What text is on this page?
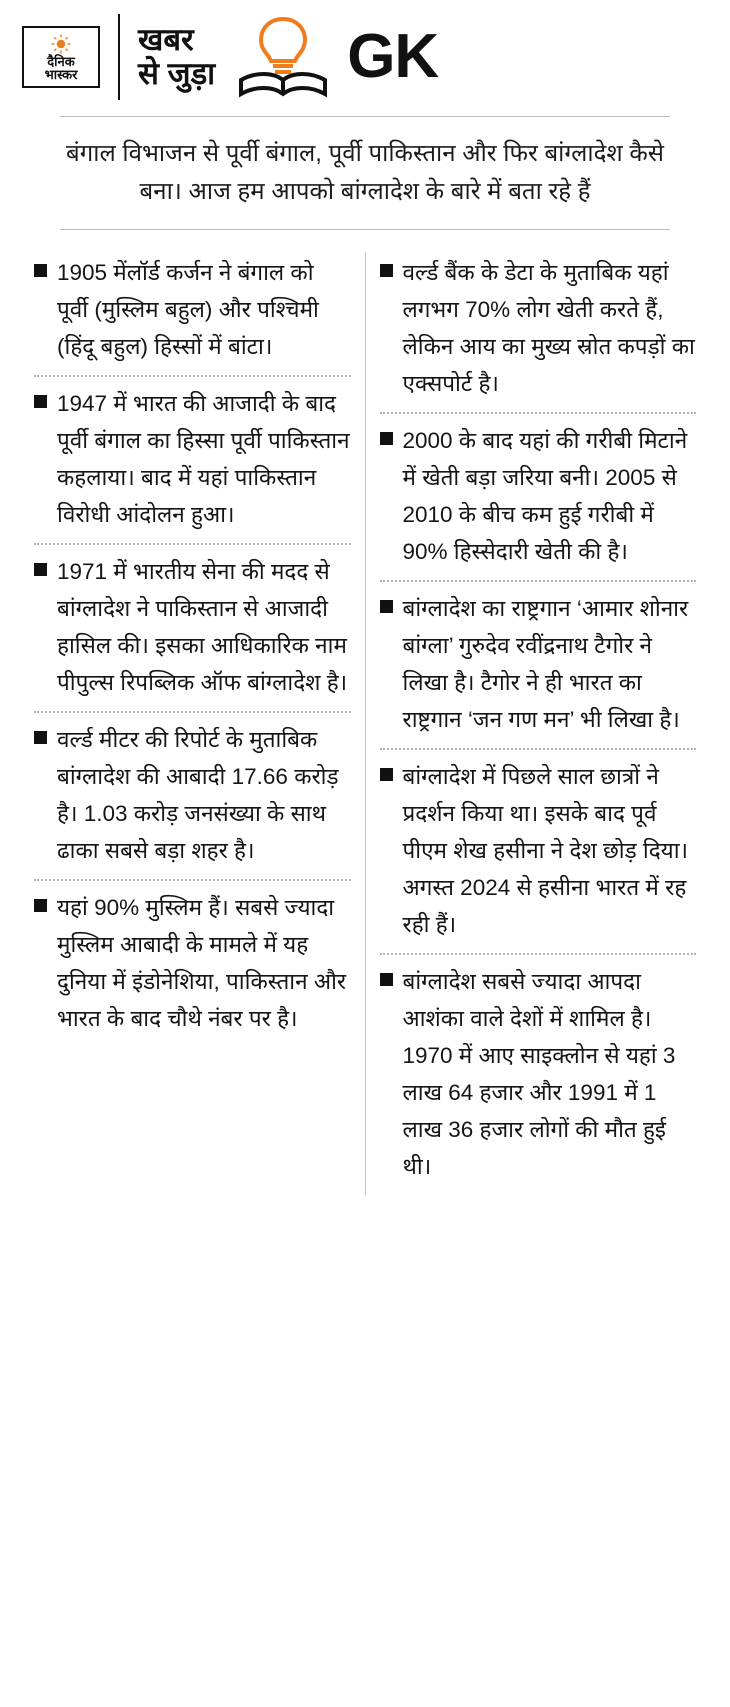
दैनिक
भास्कर
खबर
से जुड़ा GK
बंगाल विभाजन से पूर्वी बंगाल, पूर्वी पाकिस्तान और फिर बांग्लादेश कैसे बना। आज हम आपको बांग्लादेश के बारे में बता रहे हैं
1905 मेंलॉर्ड कर्जन ने बंगाल को पूर्वी (मुस्लिम बहुल) और पश्चिमी (हिंदू बहुल) हिस्सों में बांटा।
1947 में भारत की आजादी के बाद पूर्वी बंगाल का हिस्सा पूर्वी पाकिस्तान कहलाया। बाद में यहां पाकिस्तान विरोधी आंदोलन हुआ।
1971 में भारतीय सेना की मदद से बांग्लादेश ने पाकिस्तान से आजादी हासिल की। इसका आधिकारिक नाम पीपुल्स रिपब्लिक ऑफ बांग्लादेश है।
वर्ल्ड मीटर की रिपोर्ट के मुताबिक बांग्लादेश की आबादी 17.66 करोड़ है। 1.03 करोड़ जनसंख्या के साथ ढाका सबसे बड़ा शहर है।
यहां 90% मुस्लिम हैं। सबसे ज्यादा मुस्लिम आबादी के मामले में यह दुनिया में इंडोनेशिया, पाकिस्तान और भारत के बाद चौथे नंबर पर है।
वर्ल्ड बैंक के डेटा के मुताबिक यहां लगभग 70% लोग खेती करते हैं, लेकिन आय का मुख्य स्रोत कपड़ों का एक्सपोर्ट है।
2000 के बाद यहां की गरीबी मिटाने में खेती बड़ा जरिया बनी। 2005 से 2010 के बीच कम हुई गरीबी में 90% हिस्सेदारी खेती की है।
बांग्लादेश का राष्ट्रगान ‘आमार शोनार बांग्ला’ गुरुदेव रवींद्रनाथ टैगोर ने लिखा है। टैगोर ने ही भारत का राष्ट्रगान ‘जन गण मन’ भी लिखा है।
बांग्लादेश में पिछले साल छात्रों ने प्रदर्शन किया था। इसके बाद पूर्व पीएम शेख हसीना ने देश छोड़ दिया। अगस्त 2024 से हसीना भारत में रह रही हैं।
बांग्लादेश सबसे ज्यादा आपदा आशंका वाले देशों में शामिल है। 1970 में आए साइक्लोन से यहां 3 लाख 64 हजार और 1991 में 1 लाख 36 हजार लोगों की मौत हुई थी।
